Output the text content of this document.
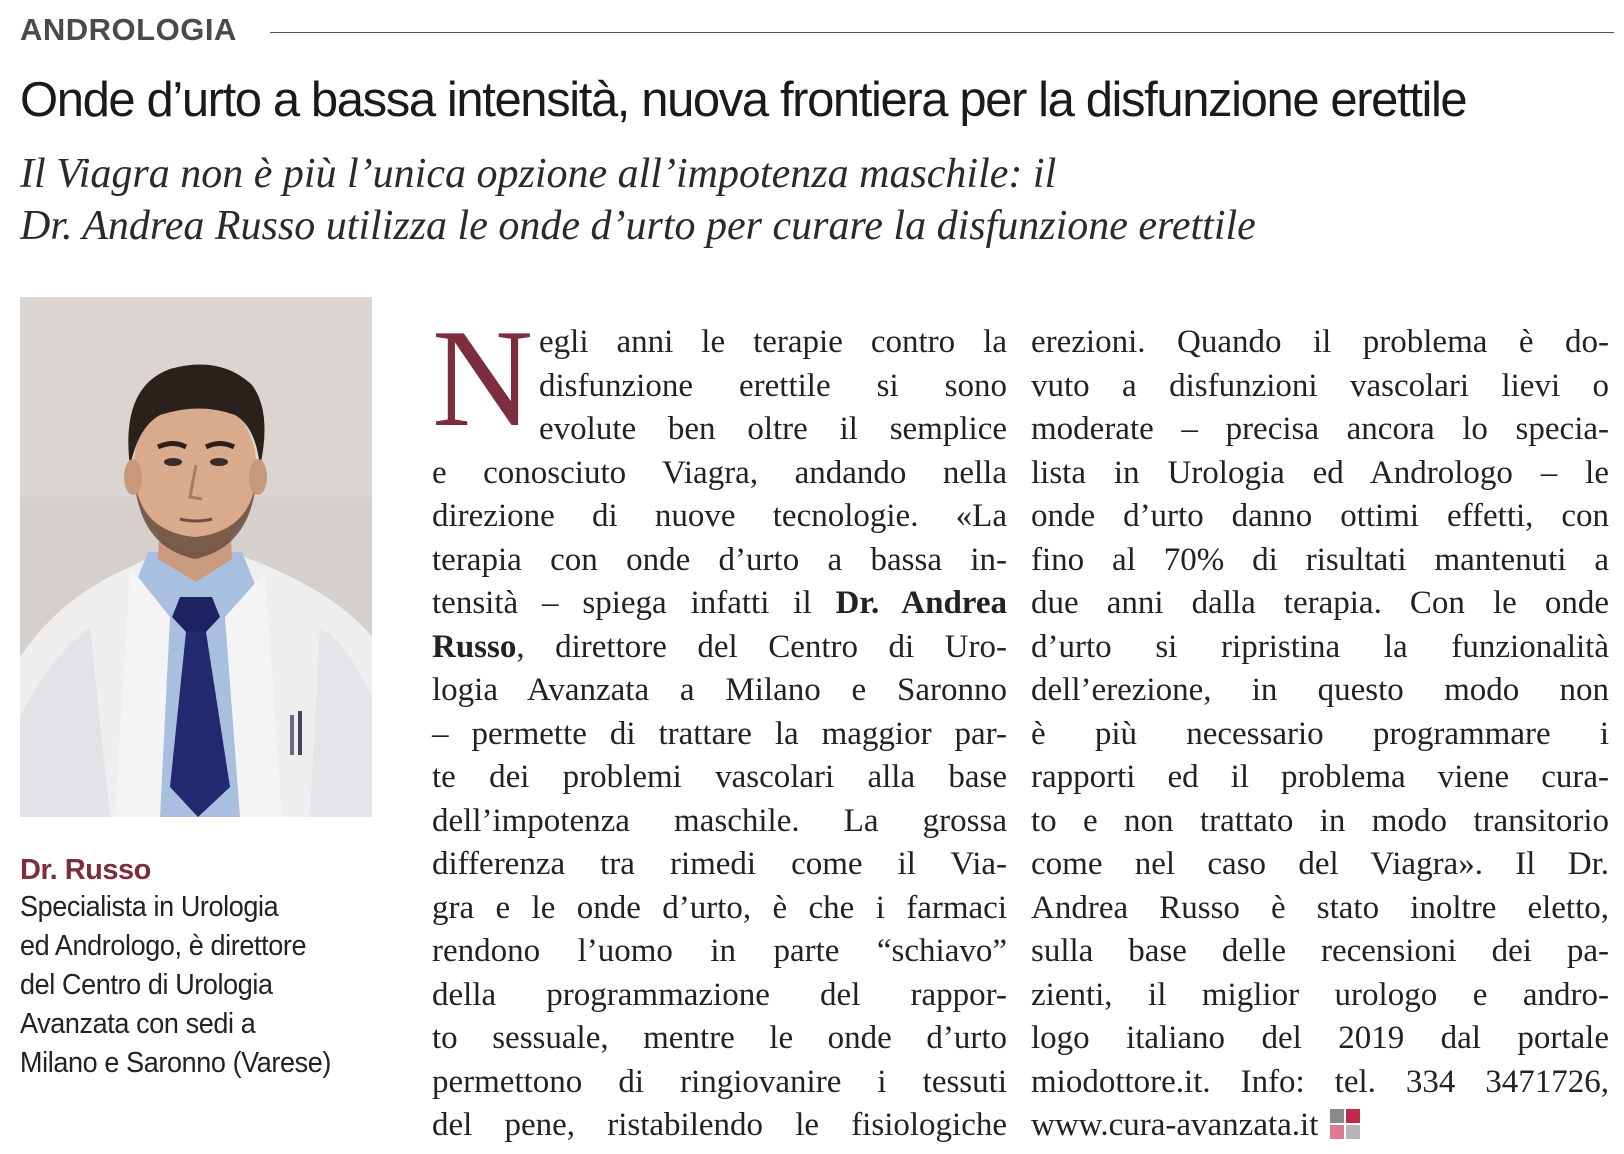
ANDROLOGIA
Onde d’urto a bassa intensità, nuova frontiera per la disfunzione erettile
Il Viagra non è più l’unica opzione all’impotenza maschile: il
Dr. Andrea Russo utilizza le onde d’urto per curare la disfunzione erettile
Dr. Russo
Specialista in Urologia
ed Andrologo, è direttore
del Centro di Urologia
Avanzata con sedi a
Milano e Saronno (Varese)
N egli anni le terapie contro la
disfunzione erettile si sono
evolute ben oltre il semplice
e conosciuto Viagra, andando nella
direzione di nuove tecnologie. «La
terapia con onde d’urto a bassa in-
tensità – spiega infatti il Dr. Andrea
Russo, direttore del Centro di Uro-
logia Avanzata a Milano e Saronno
– permette di trattare la maggior par-
te dei problemi vascolari alla base
dell’impotenza maschile. La grossa
differenza tra rimedi come il Via-
gra e le onde d’urto, è che i farmaci
rendono l’uomo in parte “schiavo”
della programmazione del rappor-
to sessuale, mentre le onde d’urto
permettono di ringiovanire i tessuti
del pene, ristabilendo le fisiologiche
erezioni. Quando il problema è do-
vuto a disfunzioni vascolari lievi o
moderate – precisa ancora lo specia-
lista in Urologia ed Andrologo – le
onde d’urto danno ottimi effetti, con
fino al 70% di risultati mantenuti a
due anni dalla terapia. Con le onde
d’urto si ripristina la funzionalità
dell’erezione, in questo modo non
è più necessario programmare i
rapporti ed il problema viene cura-
to e non trattato in modo transitorio
come nel caso del Viagra». Il Dr.
Andrea Russo è stato inoltre eletto,
sulla base delle recensioni dei pa-
zienti, il miglior urologo e andro-
logo italiano del 2019 dal portale
miodottore.it. Info: tel. 334 3471726,
www.cura-avanzata.it
